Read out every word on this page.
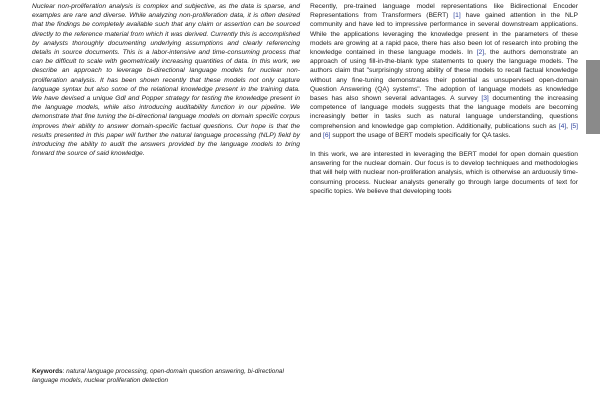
Nuclear non-proliferation analysis is complex and subjective, as the data is sparse, and examples are rare and diverse. While analyzing non-proliferation data, it is often desired that the findings be completely available such that any claim or assertion can be sourced directly to the reference material from which it was derived. Currently this is accomplished by analysts thoroughly documenting underlying assumptions and clearly referencing details in source documents. This is a labor-intensive and time-consuming process that can be difficult to scale with geometrically increasing quantities of data. In this work, we describe an approach to leverage bi-directional language models for nuclear non-proliferation analysis. It has been shown recently that these models not only capture language syntax but also some of the relational knowledge present in the training data. We have devised a unique Gdl and Popper strategy for testing the knowledge present in the language models, while also introducing auditability function in our pipeline. We demonstrate that fine tuning the bi-directional language models on domain specific corpus improves their ability to answer domain-specific factual questions. Our hope is that the results presented in this paper will further the natural language processing (NLP) field by introducing the ability to audit the answers provided by the language models to bring forward the source of said knowledge.

Keywords: natural language processing, open-domain question answering, bi-directional language models, nuclear proliferation detection

Recently, pre-trained language model representations like Bidirectional Encoder Representations from Transformers (BERT) [1] have gained attention in the NLP community and have led to impressive performance in several downstream applications. While the applications leveraging the knowledge present in the parameters of these models are growing at a rapid pace, there has also been lot of research into probing the knowledge contained in these language models. In [2], the authors demonstrate an approach of using fill-in-the-blank type statements to query the language models. The authors claim that "surprisingly strong ability of these models to recall factual knowledge without any fine-tuning demonstrates their potential as unsupervised open-domain Question Answering (QA) systems". The adoption of language models as knowledge bases has also shown several advantages. A survey [3] documenting the increasing competence of language models suggests that the language models are becoming increasingly better in tasks such as natural language understanding, questions comprehension and knowledge gap completion. Additionally, publications such as [4], [5] and [6] support the usage of BERT models specifically for QA tasks.

In this work, we are interested in leveraging the BERT model for open domain question answering for the nuclear domain. Our focus is to develop techniques and methodologies that will help with nuclear non-proliferation analysis, which is otherwise an arduously time-consuming process. Nuclear analysts generally go through large documents of text for specific topics. We believe that developing tools
